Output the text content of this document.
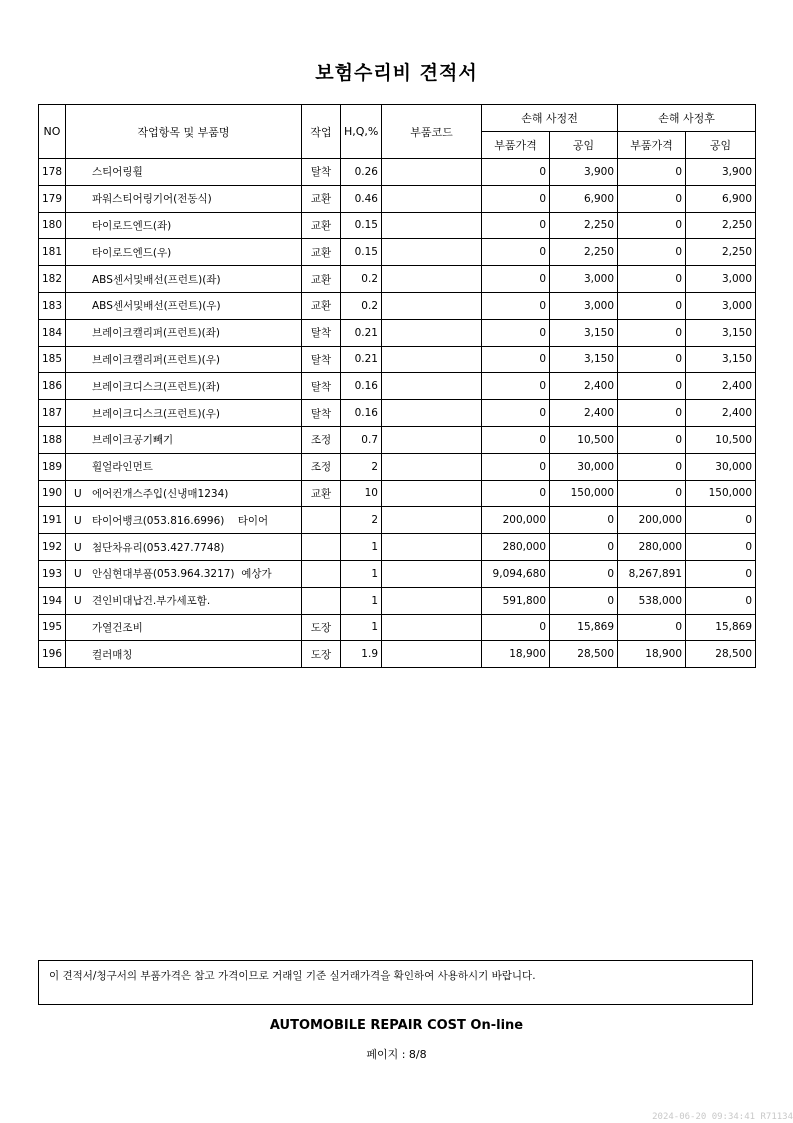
보험수리비 견적서
NO	작업항목 및 부품명	작업	H,Q,%	부품코드	손해 사정전		손해 사정후	
					부품가격	공임	부품가격	공임
178	스티어링휠	탈착	0.26		0	3,900	0	3,900
179	파워스티어링기어(전동식)	교환	0.46		0	6,900	0	6,900
180	타이로드엔드(좌)	교환	0.15		0	2,250	0	2,250
181	타이로드엔드(우)	교환	0.15		0	2,250	0	2,250
182	ABS센서및배선(프런트)(좌)	교환	0.2		0	3,000	0	3,000
183	ABS센서및배선(프런트)(우)	교환	0.2		0	3,000	0	3,000
184	브레이크캘리퍼(프런트)(좌)	탈착	0.21		0	3,150	0	3,150
185	브레이크캘리퍼(프런트)(우)	탈착	0.21		0	3,150	0	3,150
186	브레이크디스크(프런트)(좌)	탈착	0.16		0	2,400	0	2,400
187	브레이크디스크(프런트)(우)	탈착	0.16		0	2,400	0	2,400
188	브레이크공기빼기	조정	0.7		0	10,500	0	10,500
189	휠얼라인먼트	조정	2		0	30,000	0	30,000
190	U 에어컨개스주입(신냉매1234)	교환	10		0	150,000	0	150,000
191	U 타이어뱅크(053.816.6996)    타이어		2		200,000	0	200,000	0
192	U 첨단차유리(053.427.7748)		1		280,000	0	280,000	0
193	U 안심현대부품(053.964.3217)  예상가		1		9,094,680	0	8,267,891	0
194	U 견인비대납건.부가세포함.		1		591,800	0	538,000	0
195	가열건조비	도장	1		0	15,869	0	15,869
196	컬러매칭	도장	1.9		18,900	28,500	18,900	28,500
이 견적서/청구서의 부품가격은 참고 가격이므로 거래일 기준 실거래가격을 확인하여 사용하시기 바랍니다.
AUTOMOBILE REPAIR COST On-line
페이지 : 8/8
2024-06-20 09:34:41 R71134
